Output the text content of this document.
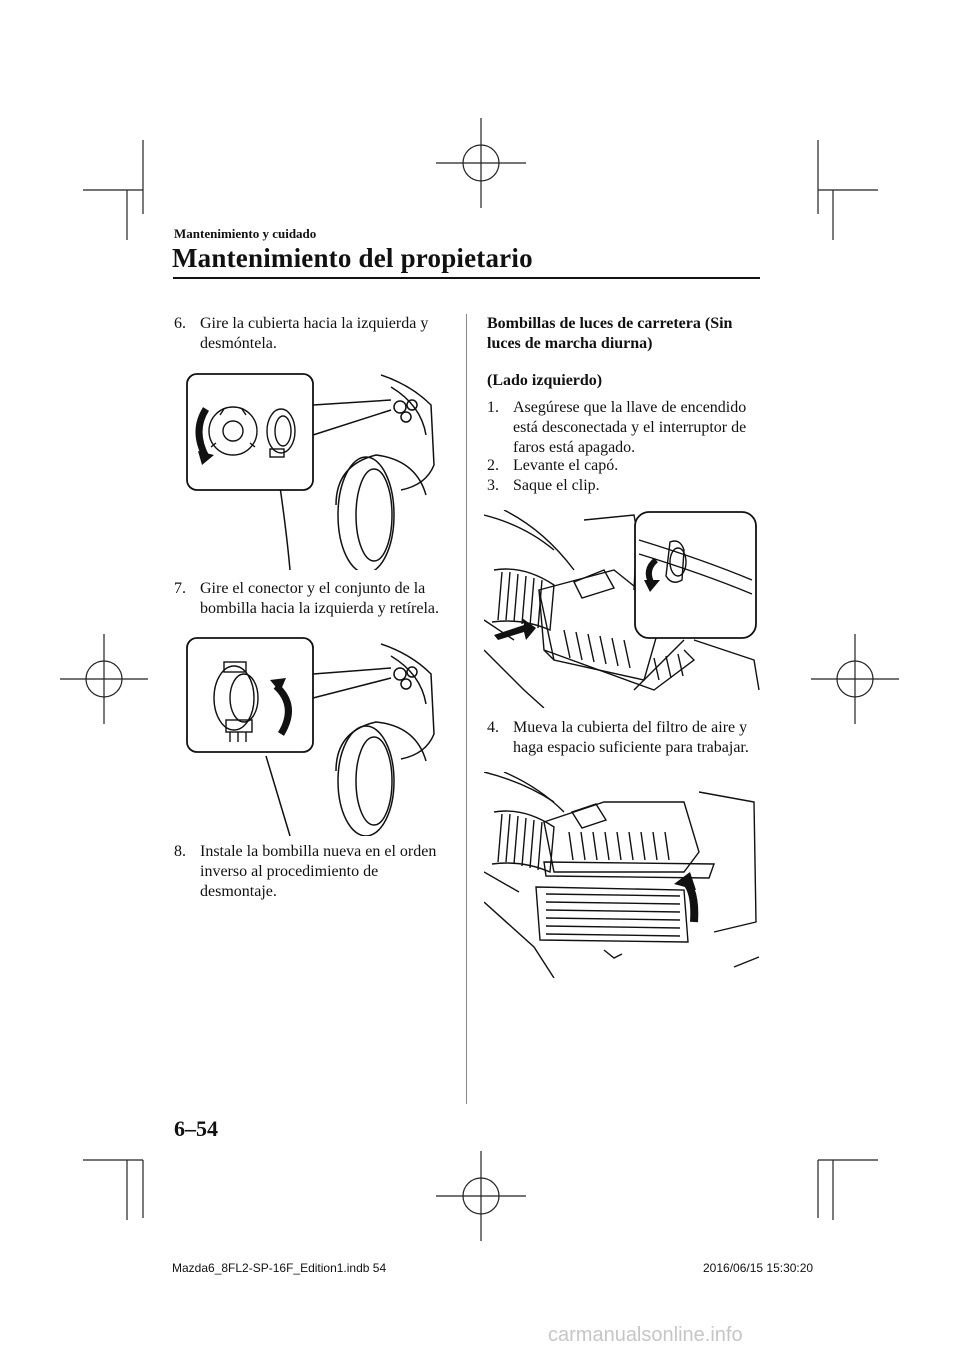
Mantenimiento y cuidado
Mantenimiento del propietario
6. Gire la cubierta hacia la izquierda y desmóntela.
7. Gire el conector y el conjunto de la bombilla hacia la izquierda y retírela.
8. Instale la bombilla nueva en el orden inverso al procedimiento de desmontaje.
Bombillas de luces de carretera (Sin luces de marcha diurna)
(Lado izquierdo)
1. Asegúrese que la llave de encendido está desconectada y el interruptor de faros está apagado.
2. Levante el capó.
3. Saque el clip.
4. Mueva la cubierta del filtro de aire y haga espacio suficiente para trabajar.
6–54
Mazda6_8FL2-SP-16F_Edition1.indb 54	2016/06/15 15:30:20
carmanualsonline.info
